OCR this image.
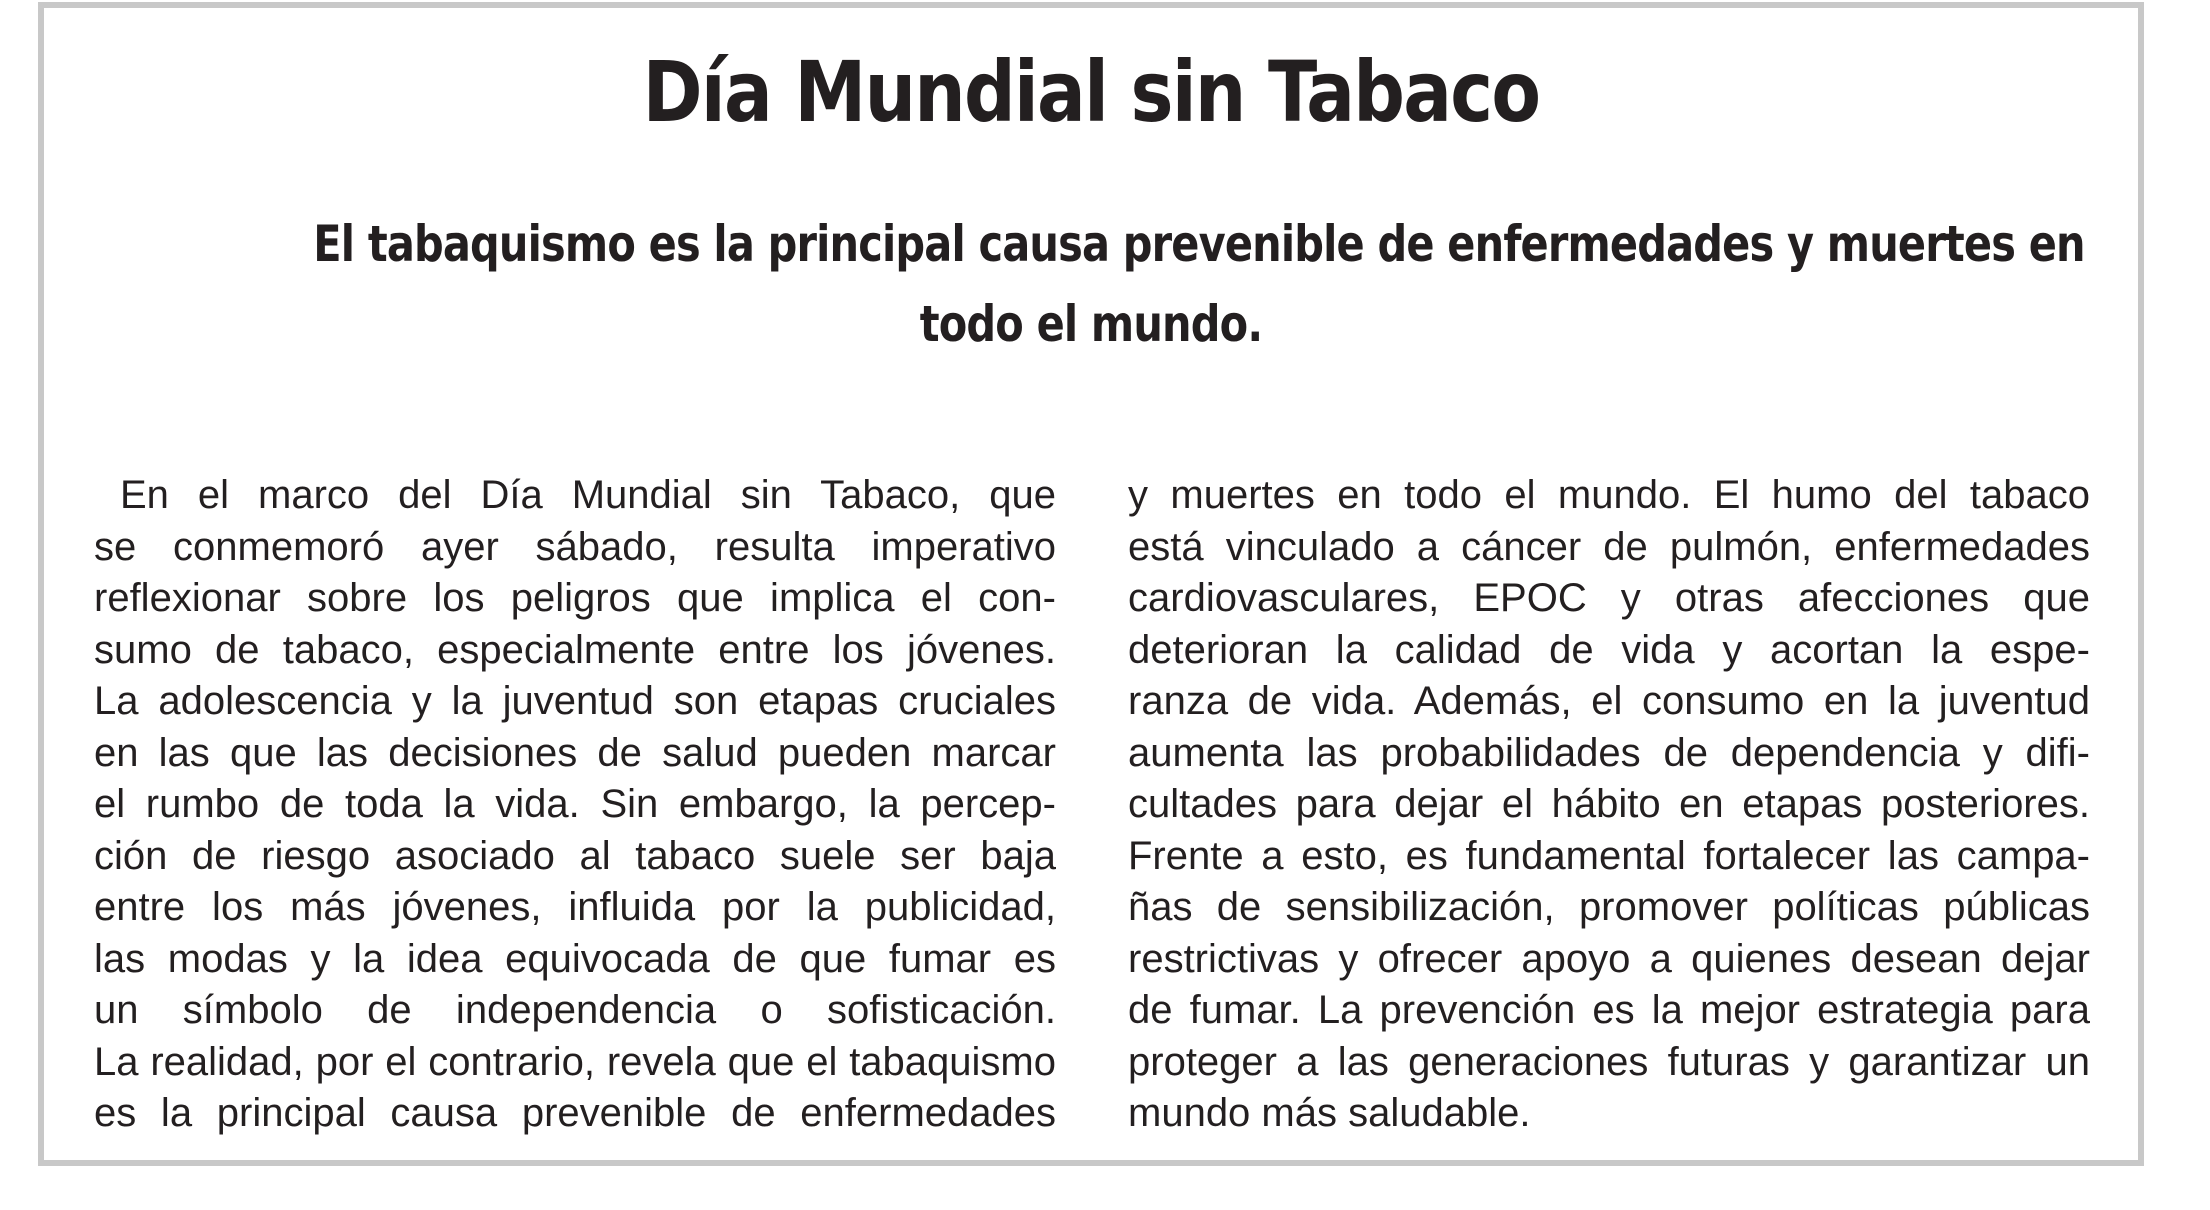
Día Mundial sin Tabaco
El tabaquismo es la principal causa prevenible de enfermedades y muertes en
todo el mundo.
En el marco del Día Mundial sin Tabaco, que
se conmemoró ayer sábado, resulta imperativo
reflexionar sobre los peligros que implica el con-
sumo de tabaco, especialmente entre los jóvenes.
La adolescencia y la juventud son etapas cruciales
en las que las decisiones de salud pueden marcar
el rumbo de toda la vida. Sin embargo, la percep-
ción de riesgo asociado al tabaco suele ser baja
entre los más jóvenes, influida por la publicidad,
las modas y la idea equivocada de que fumar es
un símbolo de independencia o sofisticación.
La realidad, por el contrario, revela que el tabaquismo
es la principal causa prevenible de enfermedades
y muertes en todo el mundo. El humo del tabaco
está vinculado a cáncer de pulmón, enfermedades
cardiovasculares, EPOC y otras afecciones que
deterioran la calidad de vida y acortan la espe-
ranza de vida. Además, el consumo en la juventud
aumenta las probabilidades de dependencia y difi-
cultades para dejar el hábito en etapas posteriores.
Frente a esto, es fundamental fortalecer las campa-
ñas de sensibilización, promover políticas públicas
restrictivas y ofrecer apoyo a quienes desean dejar
de fumar. La prevención es la mejor estrategia para
proteger a las generaciones futuras y garantizar un
mundo más saludable.
